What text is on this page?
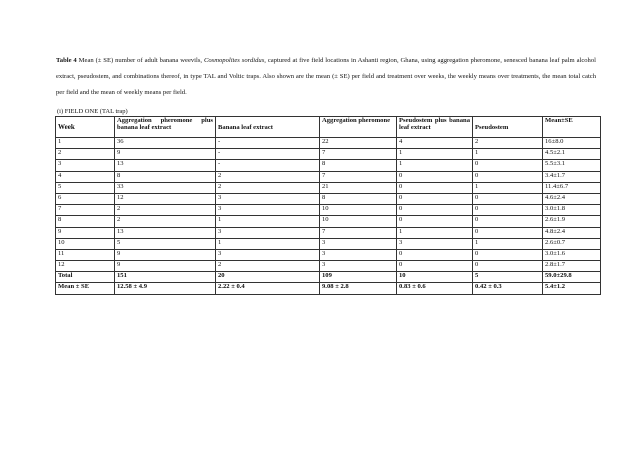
Table 4 Mean (± SE) number of adult banana weevils, Cosmopolites sordidus, captured at five field locations in Ashanti region, Ghana, using aggregation pheromone, senesced banana leaf palm alcohol extract, pseudostem, and combinations thereof, in type TAL and Voltic traps. Also shown are the mean (± SE) per field and treatment over weeks, the weekly means over treatments, the mean total catch per field and the mean of weekly means per field.

(i) FIELD ONE (TAL trap)
Week	Aggregation pheromone plus banana leaf extract	Banana leaf extract	Aggregation pheromone	Pseudostem plus banana leaf extract	Pseudostem	Mean±SE
1	36	-	22	4	2	16±8.0
2	9	-	7	1	1	4.5±2.1
3	13	-	8	1	0	5.5±3.1
4	8	2	7	0	0	3.4±1.7
5	33	2	21	0	1	11.4±6.7
6	12	3	8	0	0	4.6±2.4
7	2	3	10	0	0	3.0±1.8
8	2	1	10	0	0	2.6±1.9
9	13	3	7	1	0	4.8±2.4
10	5	1	3	3	1	2.6±0.7
11	9	3	3	0	0	3.0±1.6
12	9	2	3	0	0	2.8±1.7
Total	151	20	109	10	5	59.0±29.8
Mean ± SE	12.58 ± 4.9	2.22 ± 0.4	9.08 ± 2.8	0.83 ± 0.6	0.42 ± 0.3	5.4±1.2
